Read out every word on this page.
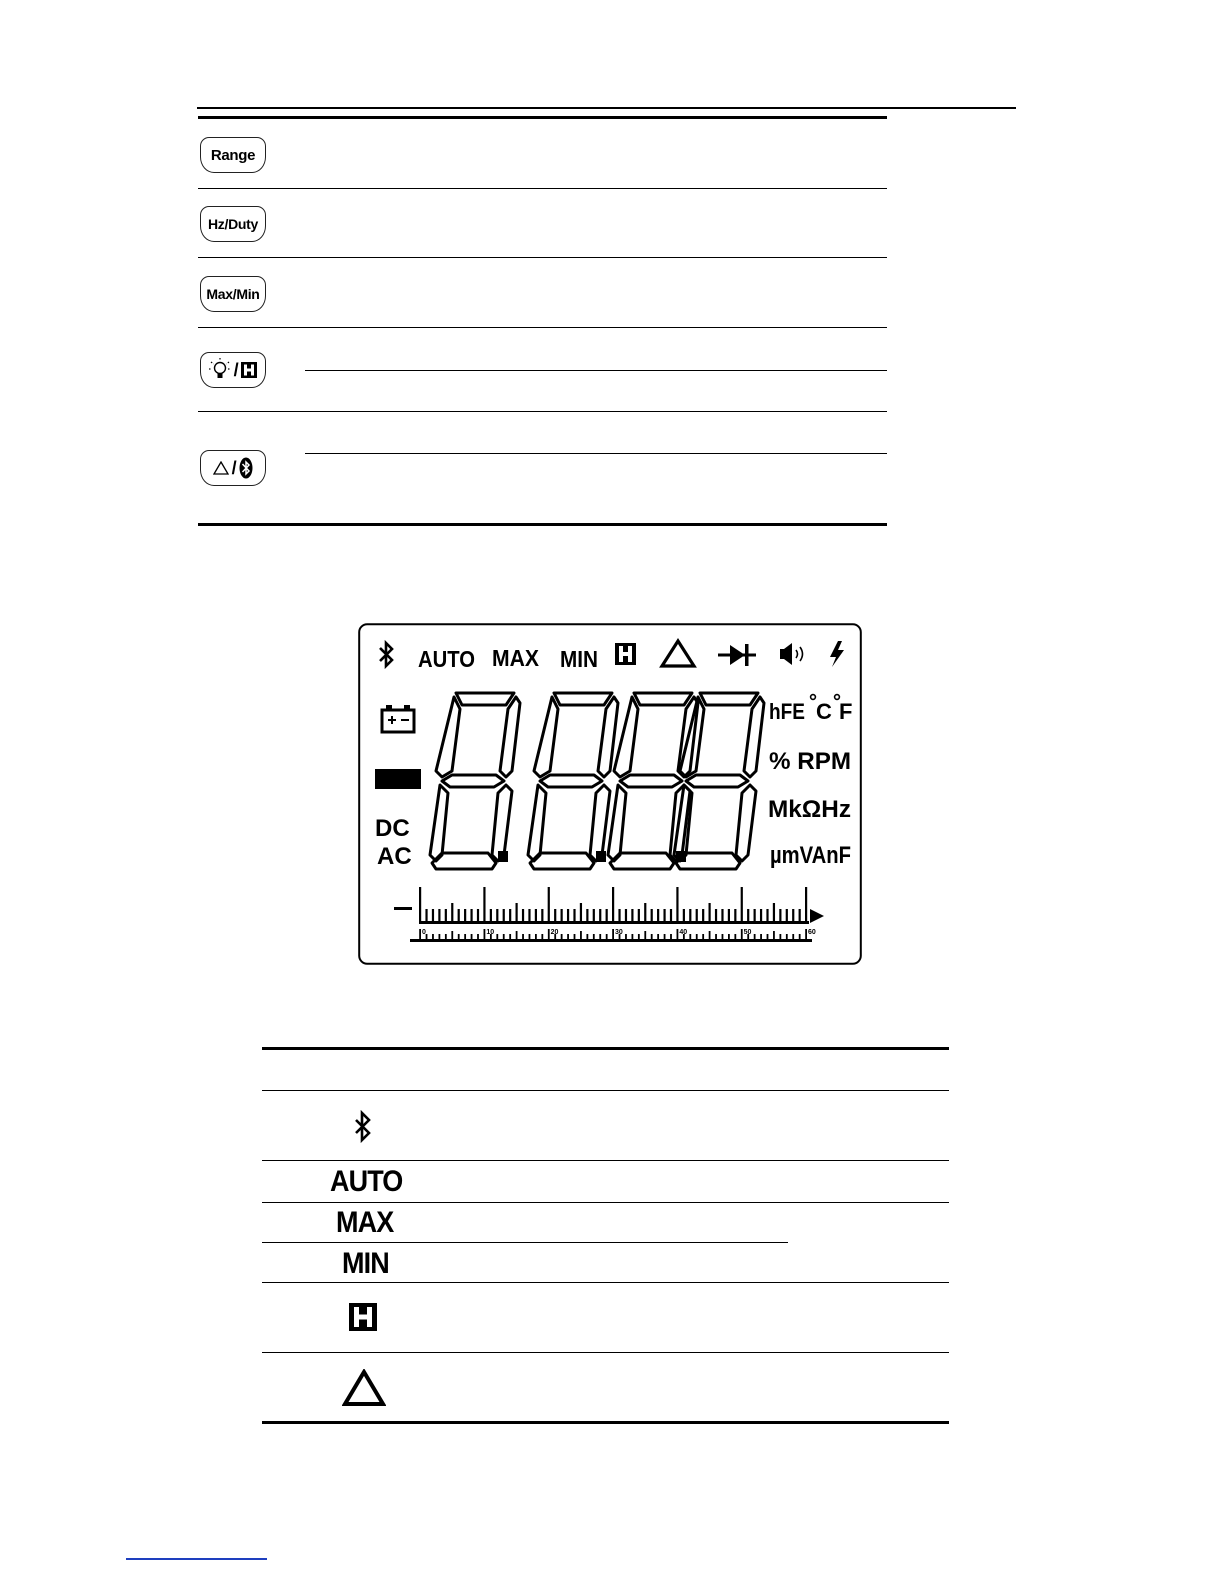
Range
Hz/Duty
Max/Min
/
/
AUTO MAX MIN
DC
AC
hFE C F
% RPM
MkΩHz
µmVAnF
0	10	20	30	40	50	60
AUTO
MAX
MIN
